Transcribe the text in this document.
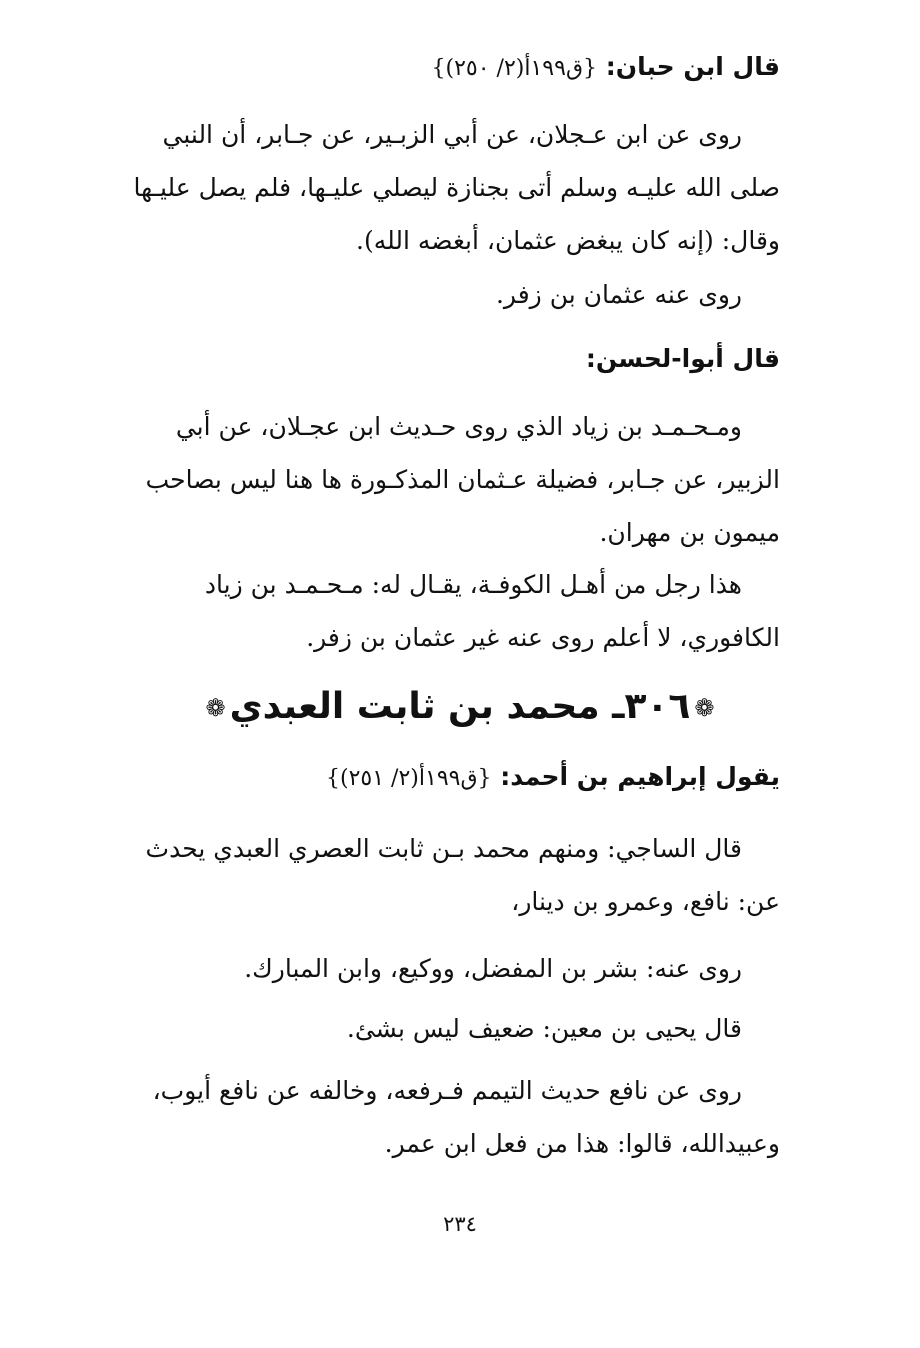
قال ابن حبان: {ق١٩٩أ(٢/ ٢٥٠)}
روى عن ابن عـجلان، عن أبي الزبـير، عن جـابر، أن النبي
صلى الله عليـه وسلم أتى بجنازة ليصلي عليـها، فلم يصل عليـها
وقال: (إنه كان يبغض عثمان، أبغضه الله).
روى عنه عثمان بن زفر.
قال أبوا-لحسن:
ومـحـمـد بن زياد الذي روى حـديث ابن عجـلان، عن أبي
الزبير، عن جـابر، فضيلة عـثمان المذكـورة ها هنا ليس بصاحب
ميمون بن مهران.
هذا رجل من أهـل الكوفـة، يقـال له: مـحـمـد بن زياد
الكافوري، لا أعلم روى عنه غير عثمان بن زفر.
❁٣٠٦ـ محمد بن ثابت العبدي❁
يقول إبراهيم بن أحمد: {ق١٩٩أ(٢/ ٢٥١)}
قال الساجي: ومنهم محمد بـن ثابت العصري العبدي يحدث
عن: نافع، وعمرو بن دينار،
روى عنه: بشر بن المفضل، ووكيع، وابن المبارك.
قال يحيى بن معين: ضعيف ليس بشئ.
روى عن نافع حديث التيمم فـرفعه، وخالفه عن نافع أيوب،
وعبيدالله، قالوا: هذا من فعل ابن عمر.
٢٣٤
